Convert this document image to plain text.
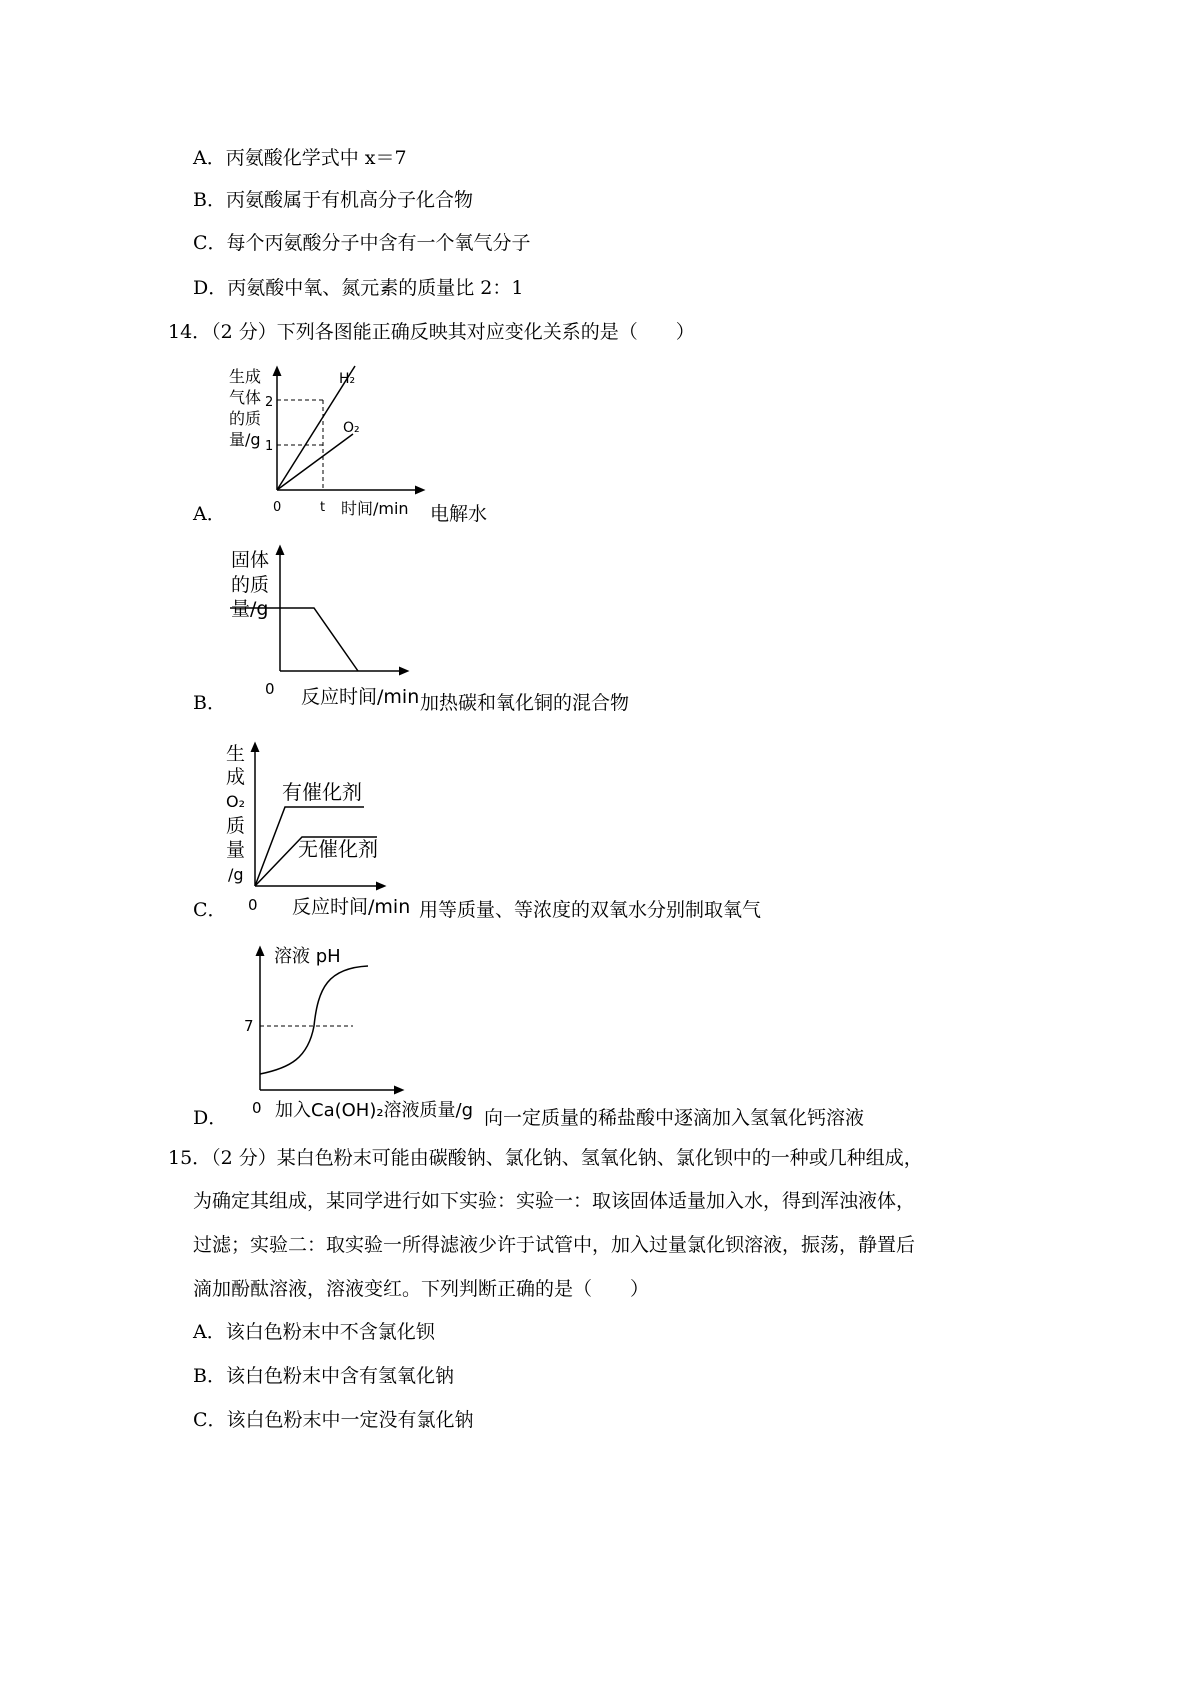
A．丙氨酸化学式中 x＝7
B．丙氨酸属于有机高分子化合物
C．每个丙氨酸分子中含有一个氧气分子
D．丙氨酸中氧、氮元素的质量比 2：1
14．（2 分）下列各图能正确反映其对应变化关系的是（　　）
生成
气体
的质
量/g
2
1
0	t 时间/min
H₂
O₂
A．	电解水
固体
的质
量/g
0 反应时间/min
B．	加热碳和氧化铜的混合物
生
成
O₂
质
量
/g
有催化剂
无催化剂
0 反应时间/min
C．	用等质量、等浓度的双氧水分别制取氧气
溶液 pH
7
0 加入Ca(OH)₂溶液质量/g
D．	向一定质量的稀盐酸中逐滴加入氢氧化钙溶液
15．（2 分）某白色粉末可能由碳酸钠、氯化钠、氢氧化钠、氯化钡中的一种或几种组成，
为确定其组成，某同学进行如下实验：实验一：取该固体适量加入水，得到浑浊液体，
过滤；实验二：取实验一所得滤液少许于试管中，加入过量氯化钡溶液，振荡，静置后
滴加酚酞溶液，溶液变红。下列判断正确的是（　　）
A．该白色粉末中不含氯化钡
B．该白色粉末中含有氢氧化钠
C．该白色粉末中一定没有氯化钠
